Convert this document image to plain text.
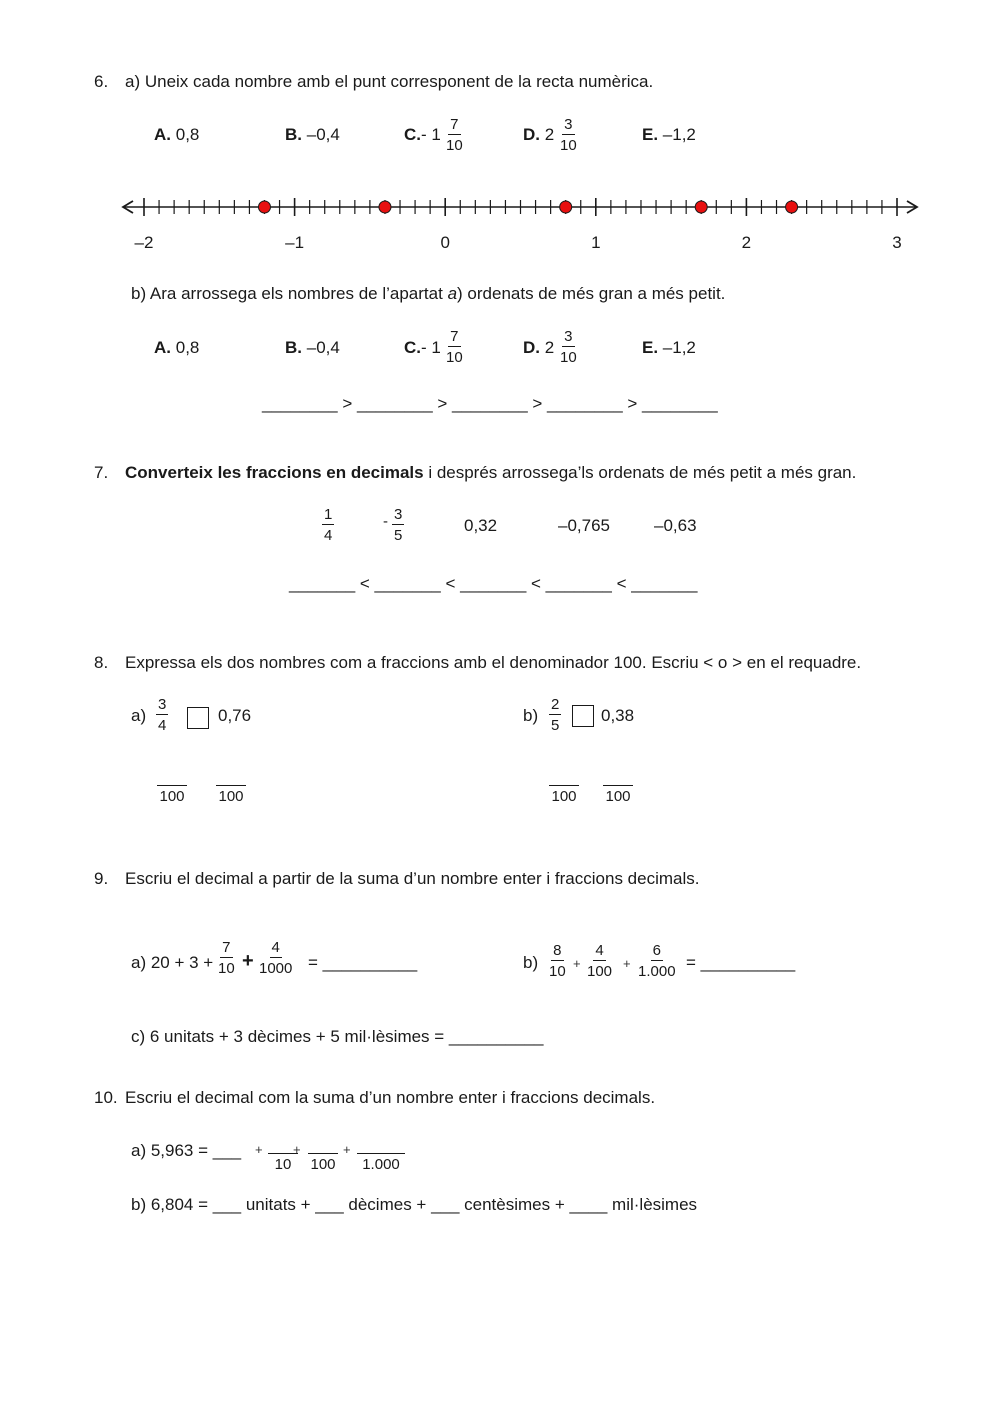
6. a) Uneix cada nombre amb el punt corresponent de la recta numèrica.
A. 0,8	B. –0,4	C.- 1
7
10
D. 2
3
10
E. –1,2
–2	–1	0	1	2	3
b) Ara arrossega els nombres de l’apartat a) ordenats de més gran a més petit.
A. 0,8	B. –0,4	C.- 1
7
10
D. 2
3
10
E. –1,2
________ > ________ > ________ > ________ > ________
7. Converteix les fraccions en decimals i després arrossega’ls ordenats de més petit a més gran.
1
4
- 3
5
0,32	–0,765	–0,63
_______ < _______ < _______ < _______ < _______
8. Expressa els dos nombres com a fraccions amb el denominador 100. Escriu < o > en el requadre.
a)
3
4
0,76
100 100
b)
2
5
0,38
100 100
9. Escriu el decimal a partir de la suma d’un nombre enter i fraccions decimals.
a) 20 + 3 +
7
10 +
4
1000 = __________	b)
8
10 +
4
100 +
6
1.000 = __________
c) 6 unitats + 3 dècimes + 5 mil·lèsimes = __________
10. Escriu el decimal com la suma d’un nombre enter i fraccions decimals.
a) 5,963 = ___ +
10
+
100
+
1.000
b) 6,804 = ___ unitats + ___ dècimes + ___ centèsimes + ____ mil·lèsimes
